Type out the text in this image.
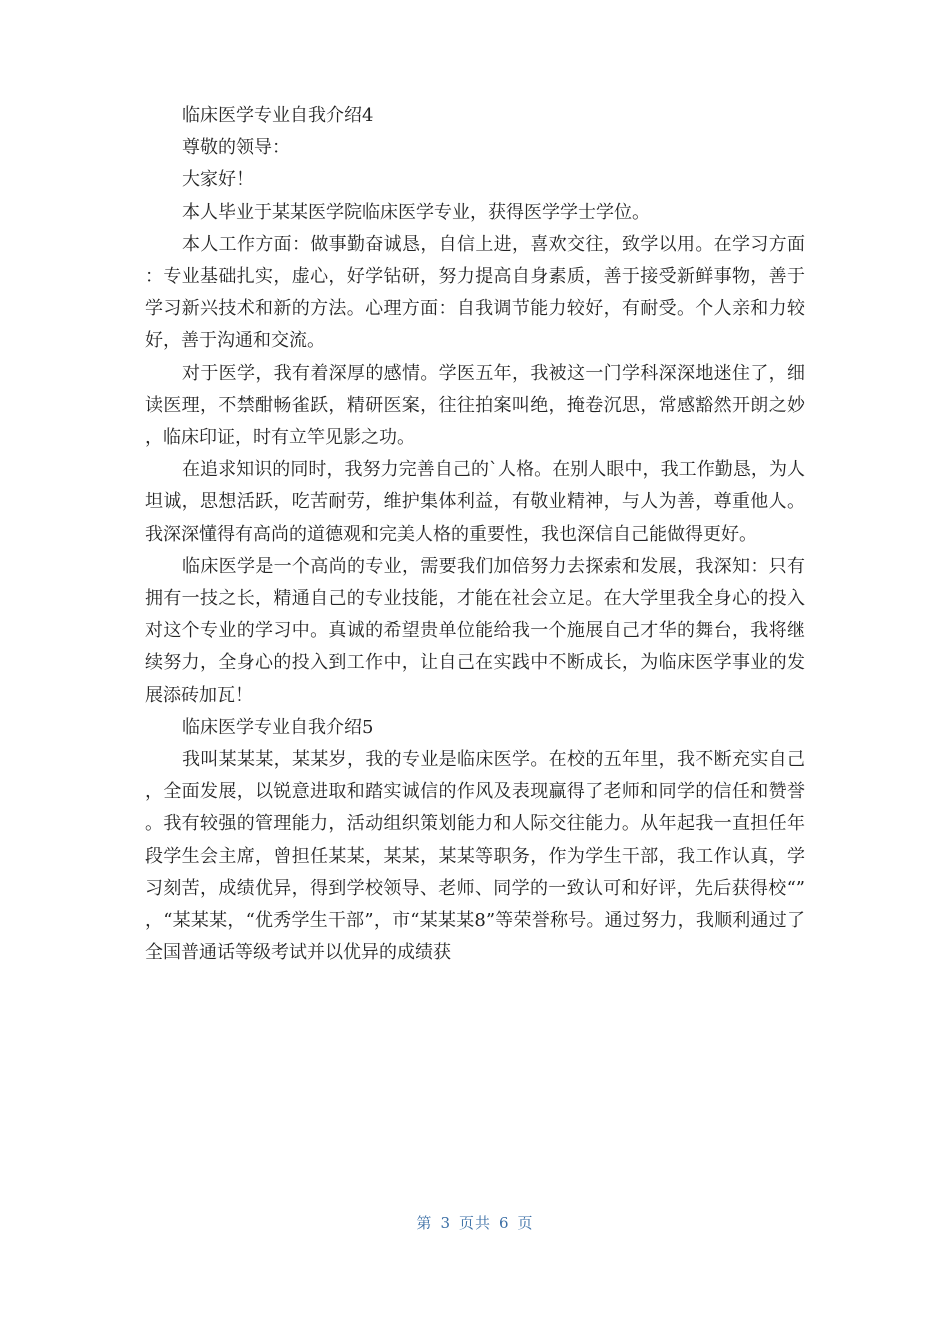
临床医学专业自我介绍4

尊敬的领导：

大家好！

本人毕业于某某医学院临床医学专业，获得医学学士学位。

本人工作方面：做事勤奋诚恳，自信上进，喜欢交往，致学以用。在学习方面：专业基础扎实，虚心，好学钻研，努力提高自身素质，善于接受新鲜事物，善于学习新兴技术和新的方法。心理方面：自我调节能力较好，有耐受。个人亲和力较好，善于沟通和交流。

对于医学，我有着深厚的感情。学医五年，我被这一门学科深深地迷住了，细读医理，不禁酣畅雀跃，精研医案，往往拍案叫绝，掩卷沉思，常感豁然开朗之妙，临床印证，时有立竿见影之功。

在追求知识的同时，我努力完善自己的`人格。在别人眼中，我工作勤恳，为人坦诚，思想活跃，吃苦耐劳，维护集体利益，有敬业精神，与人为善，尊重他人。我深深懂得有高尚的道德观和完美人格的重要性，我也深信自己能做得更好。

临床医学是一个高尚的专业，需要我们加倍努力去探索和发展，我深知：只有拥有一技之长，精通自己的专业技能，才能在社会立足。在大学里我全身心的投入对这个专业的学习中。真诚的希望贵单位能给我一个施展自己才华的舞台，我将继续努力，全身心的投入到工作中，让自己在实践中不断成长，为临床医学事业的发展添砖加瓦！

临床医学专业自我介绍5

我叫某某某，某某岁，我的专业是临床医学。在校的五年里，我不断充实自己，全面发展，以锐意进取和踏实诚信的作风及表现赢得了老师和同学的信任和赞誉。我有较强的管理能力，活动组织策划能力和人际交往能力。从年起我一直担任年段学生会主席，曾担任某某，某某，某某等职务，作为学生干部，我工作认真，学习刻苦，成绩优异，得到学校领导、老师、同学的一致认可和好评，先后获得校“”，“某某某，“优秀学生干部”，市“某某某8”等荣誉称号。通过努力，我顺利通过了全国普通话等级考试并以优异的成绩获

第 3 页共 6 页
